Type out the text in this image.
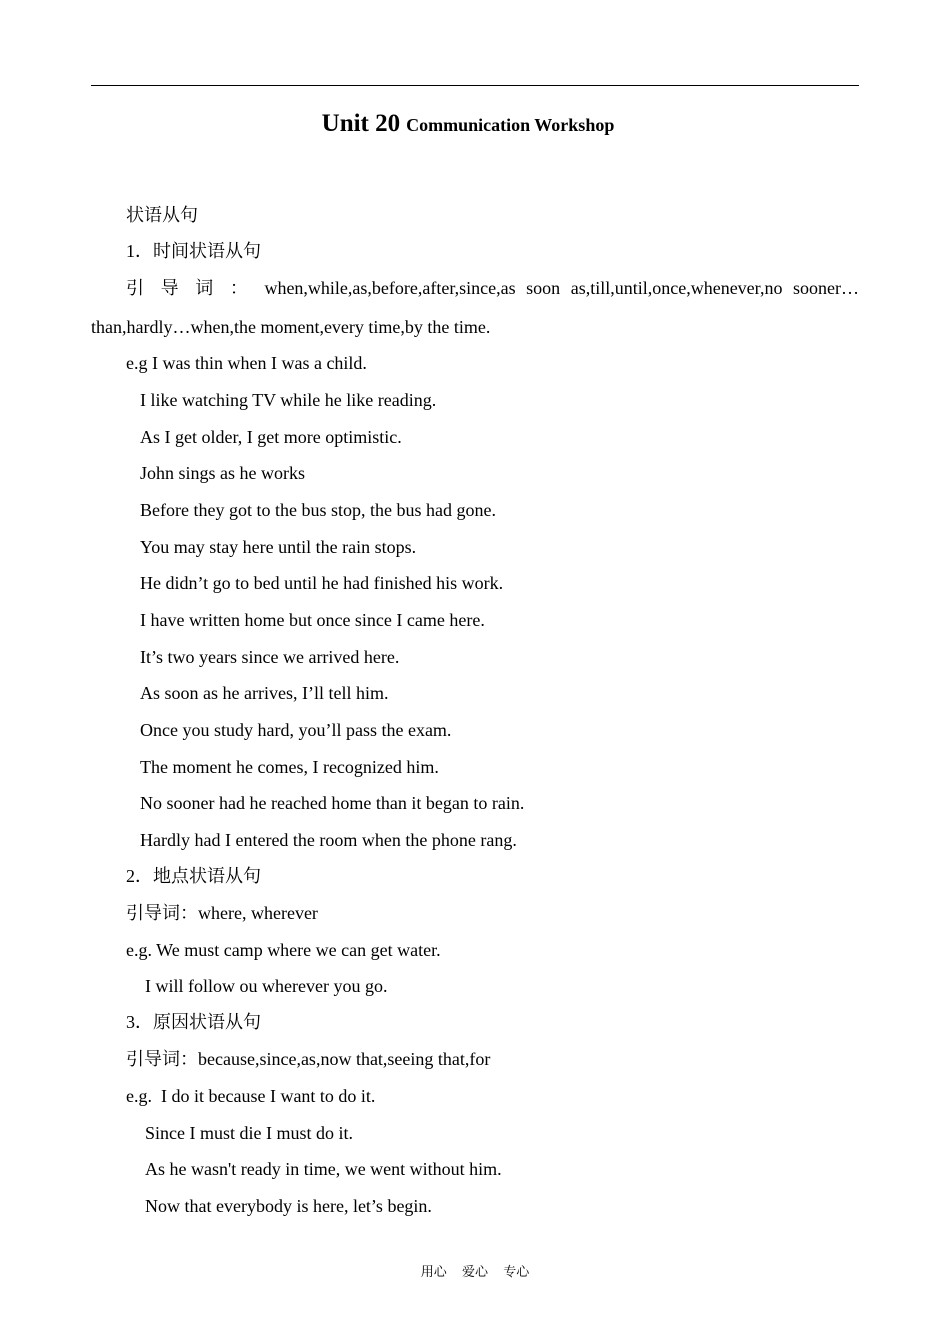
Unit 20 Communication Workshop
状语从句
1．时间状语从句
引 导 词 ： when,while,as,before,after,since,as soon as,till,until,once,whenever,no sooner…
than,hardly…when,the moment,every time,by the time.
e.g I was thin when I was a child.
I like watching TV while he like reading.
As I get older, I get more optimistic.
John sings as he works
Before they got to the bus stop, the bus had gone.
You may stay here until the rain stops.
He didn’t go to bed until he had finished his work.
I have written home but once since I came here.
It’s two years since we arrived here.
As soon as he arrives, I’ll tell him.
Once you study hard, you’ll pass the exam.
The moment he comes, I recognized him.
No sooner had he reached home than it began to rain.
Hardly had I entered the room when the phone rang.
2．地点状语从句
引导词：where, wherever
e.g. We must camp where we can get water.
I will follow ou wherever you go.
3．原因状语从句
引导词：because,since,as,now that,seeing that,for
e.g.  I do it because I want to do it.
Since I must die I must do it.
As he wasn't ready in time, we went without him.
Now that everybody is here, let’s begin.
用心 爱心 专心
